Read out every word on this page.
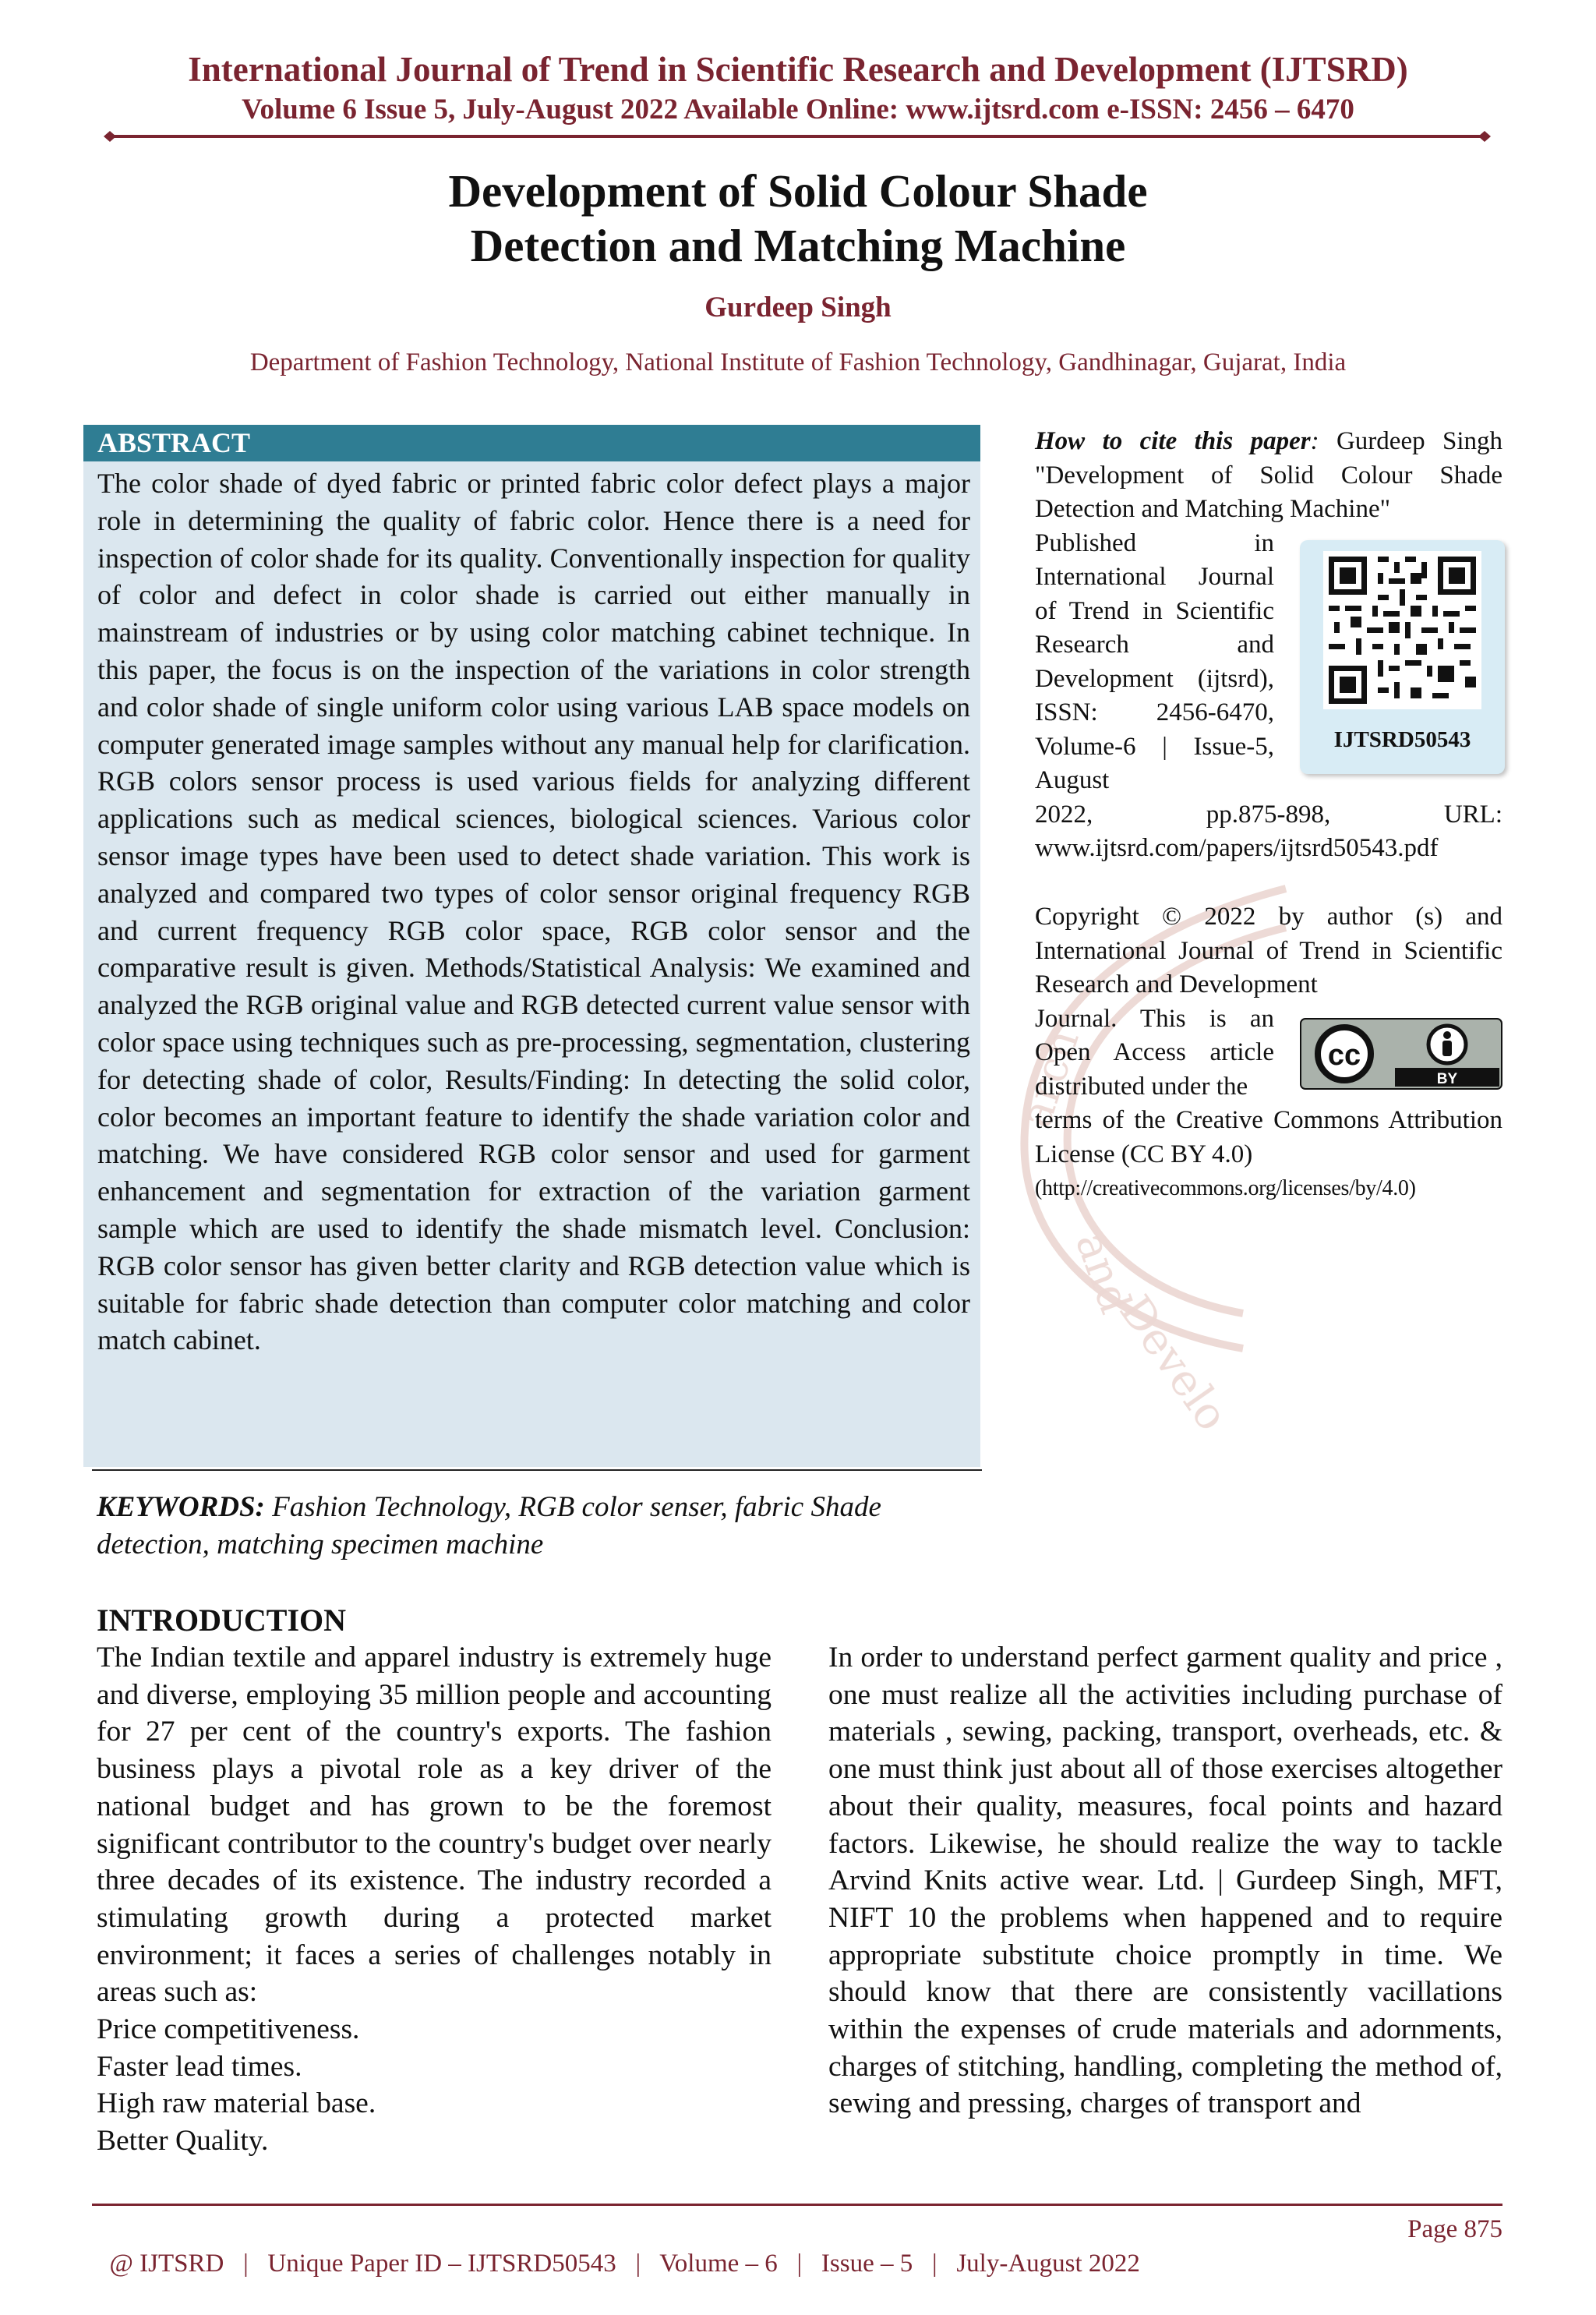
International Journal of Trend in Scientific Research and Development (IJTSRD)
Volume 6 Issue 5, July-August 2022 Available Online: www.ijtsrd.com e-ISSN: 2456 – 6470
Development of Solid Colour Shade
Detection and Matching Machine
Gurdeep Singh
Department of Fashion Technology, National Institute of Fashion Technology, Gandhinagar, Gujarat, India
arch
and
Develo
ABSTRACT
The color shade of dyed fabric or printed fabric color defect plays a major role in determining the quality of fabric color. Hence there is a need for inspection of color shade for its quality. Conventionally inspection for quality of color and defect in color shade is carried out either manually in mainstream of industries or by using color matching cabinet technique. In this paper, the focus is on the inspection of the variations in color strength and color shade of single uniform color using various LAB space models on computer generated image samples without any manual help for clarification. RGB colors sensor process is used various fields for analyzing different applications such as medical sciences, biological sciences. Various color sensor image types have been used to detect shade variation. This work is analyzed and compared two types of color sensor original frequency RGB and current frequency RGB color space, RGB color sensor and the comparative result is given. Methods/Statistical Analysis: We examined and analyzed the RGB original value and RGB detected current value sensor with color space using techniques such as pre-processing, segmentation, clustering for detecting shade of color, Results/Finding: In detecting the solid color, color becomes an important feature to identify the shade variation color and matching. We have considered RGB color sensor and used for garment enhancement and segmentation for extraction of the variation garment sample which are used to identify the shade mismatch level. Conclusion: RGB color sensor has given better clarity and RGB detection value which is suitable for fabric shade detection than computer color matching and color match cabinet.
KEYWORDS: Fashion Technology, RGB color senser, fabric Shade detection, matching specimen machine
How to cite this paper: Gurdeep Singh "Development of Solid Colour Shade Detection and Matching Machine"
Published in International Journal of Trend in Scientific Research and Development (ijtsrd), ISSN: 2456-6470, Volume-6 | Issue-5, August
2022, pp.875-898, URL: www.ijtsrd.com/papers/ijtsrd50543.pdf
IJTSRD50543
Copyright © 2022 by author (s) and International Journal of Trend in Scientific Research and Development
Journal. This is an Open Access article distributed under the
terms of the Creative Commons Attribution License (CC BY 4.0)
(http://creativecommons.org/licenses/by/4.0)
cc
BY
INTRODUCTION

The Indian textile and apparel industry is extremely huge and diverse, employing 35 million people and accounting for 27 per cent of the country's exports. The fashion business plays a pivotal role as a key driver of the national budget and has grown to be the foremost significant contributor to the country's budget over nearly three decades of its existence. The industry recorded a stimulating growth during a protected market environment; it faces a series of challenges notably in areas such as:

Price competitiveness.
Faster lead times.
High raw material base.
Better Quality.

In order to understand perfect garment quality and price , one must realize all the activities including purchase of materials , sewing, packing, transport, overheads, etc. & one must think just about all of those exercises altogether about their quality, measures, focal points and hazard factors. Likewise, he should realize the way to tackle Arvind Knits active wear. Ltd. | Gurdeep Singh, MFT, NIFT 10 the problems when happened and to require appropriate substitute choice promptly in time. We should know that there are consistently vacillations within the expenses of crude materials and adornments, charges of stitching, handling, completing the method of, sewing and pressing, charges of transport and

@ IJTSRD   |   Unique Paper ID – IJTSRD50543   |   Volume – 6   |   Issue – 5   |   July-August 2022

Page 875
